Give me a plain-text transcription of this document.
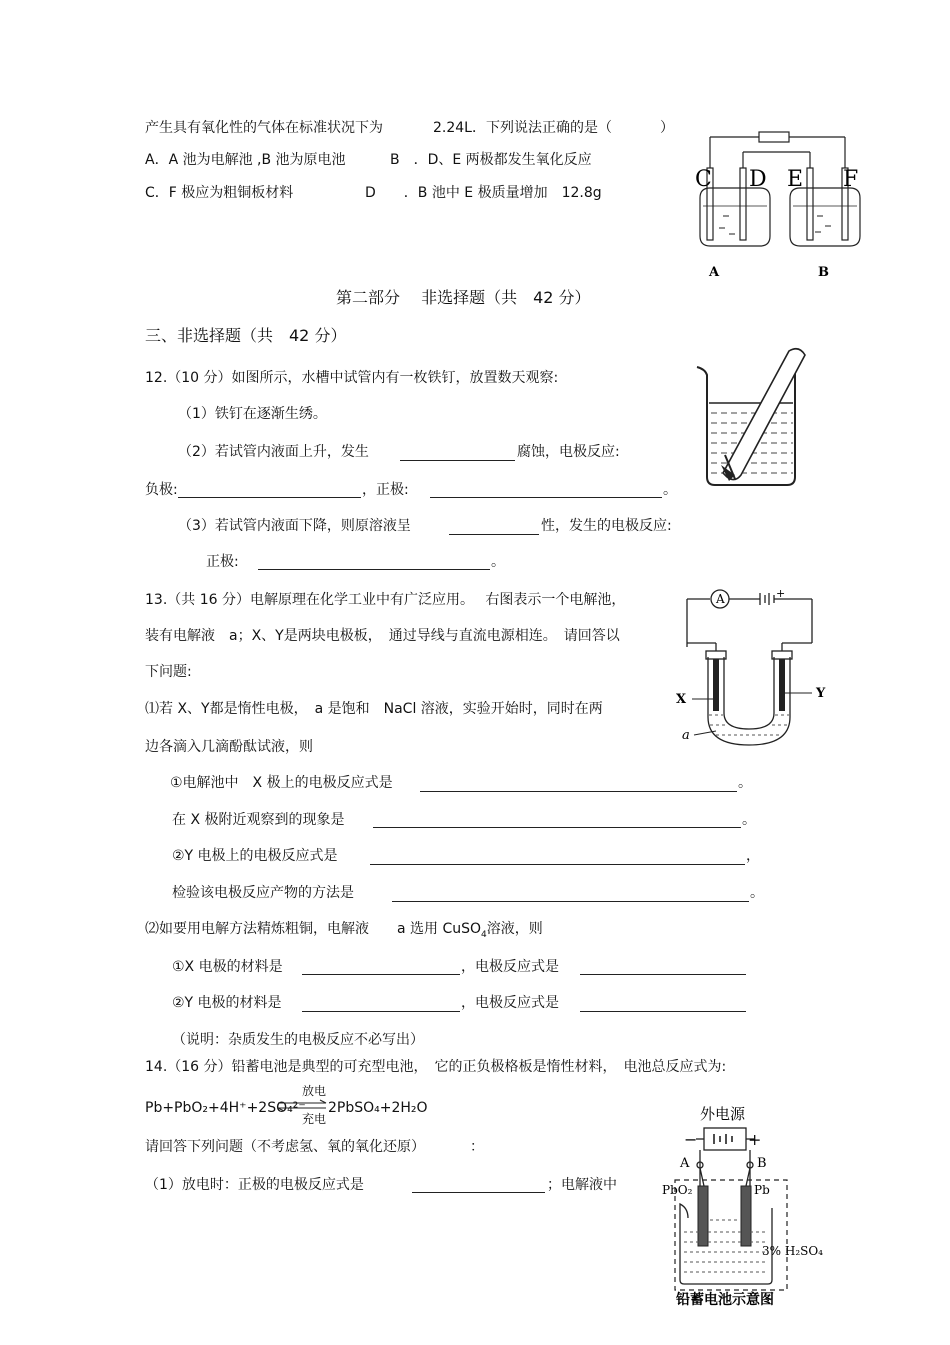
产生具有氧化性的气体在标准状况下为	2.24L．下列说法正确的是（	）
A．A 池为电解池 ,B 池为原电池	B　．D、E 两极都发生氧化反应
C．F 极应为粗铜板材料	D　　．B 池中 E 极质量增加　12.8g
C D E F
A	B
第二部分　 非选择题（共　42 分）
三、非选择题（共　42 分）
12.（10 分）如图所示，水槽中试管内有一枚铁钉，放置数天观察:
（1）铁钉在逐渐生绣。
（2）若试管内液面上升，发生	腐蚀，电极反应:
负极:	，正极:	。
（3）若试管内液面下降，则原溶液呈	性，发生的电极反应:
正极:	。
13.（共 16 分）电解原理在化学工业中有广泛应用。　 右图表示一个电解池，
装有电解液　a；X、Y是两块电极板，　通过导线与直流电源相连。　请回答以
下问题:
⑴若 X、Y都是惰性电极，　a 是饱和　NaCl 溶液，实验开始时，同时在两
边各滴入几滴酚酞试液，则
①电解池中　X 极上的电极反应式是	。
在 X 极附近观察到的现象是	。
②Y 电极上的电极反应式是	，
检验该电极反应产物的方法是	。
⑵如要用电解方法精炼粗铜，电解液　　a 选用 CuSO$_4$溶液，则
①X 电极的材料是	，电极反应式是
②Y 电极的材料是	，电极反应式是
（说明：杂质发生的电极反应不必写出）
A	+
X	Y
a
14.（16 分）铅蓄电池是典型的可充型电池，　它的正负极格板是惰性材料，　电池总反应式为:
Pb+PbO₂+4H⁺+2SO₄²⁻
放电
充电
2PbSO₄+2H₂O
请回答下列问题（不考虑氢、氧的氧化还原）	：
（1）放电时：正极的电极反应式是	；电解液中
外电源
−	+
A	B
PbO₂	Pb
3% H₂SO₄
铅蓄电池示意图
